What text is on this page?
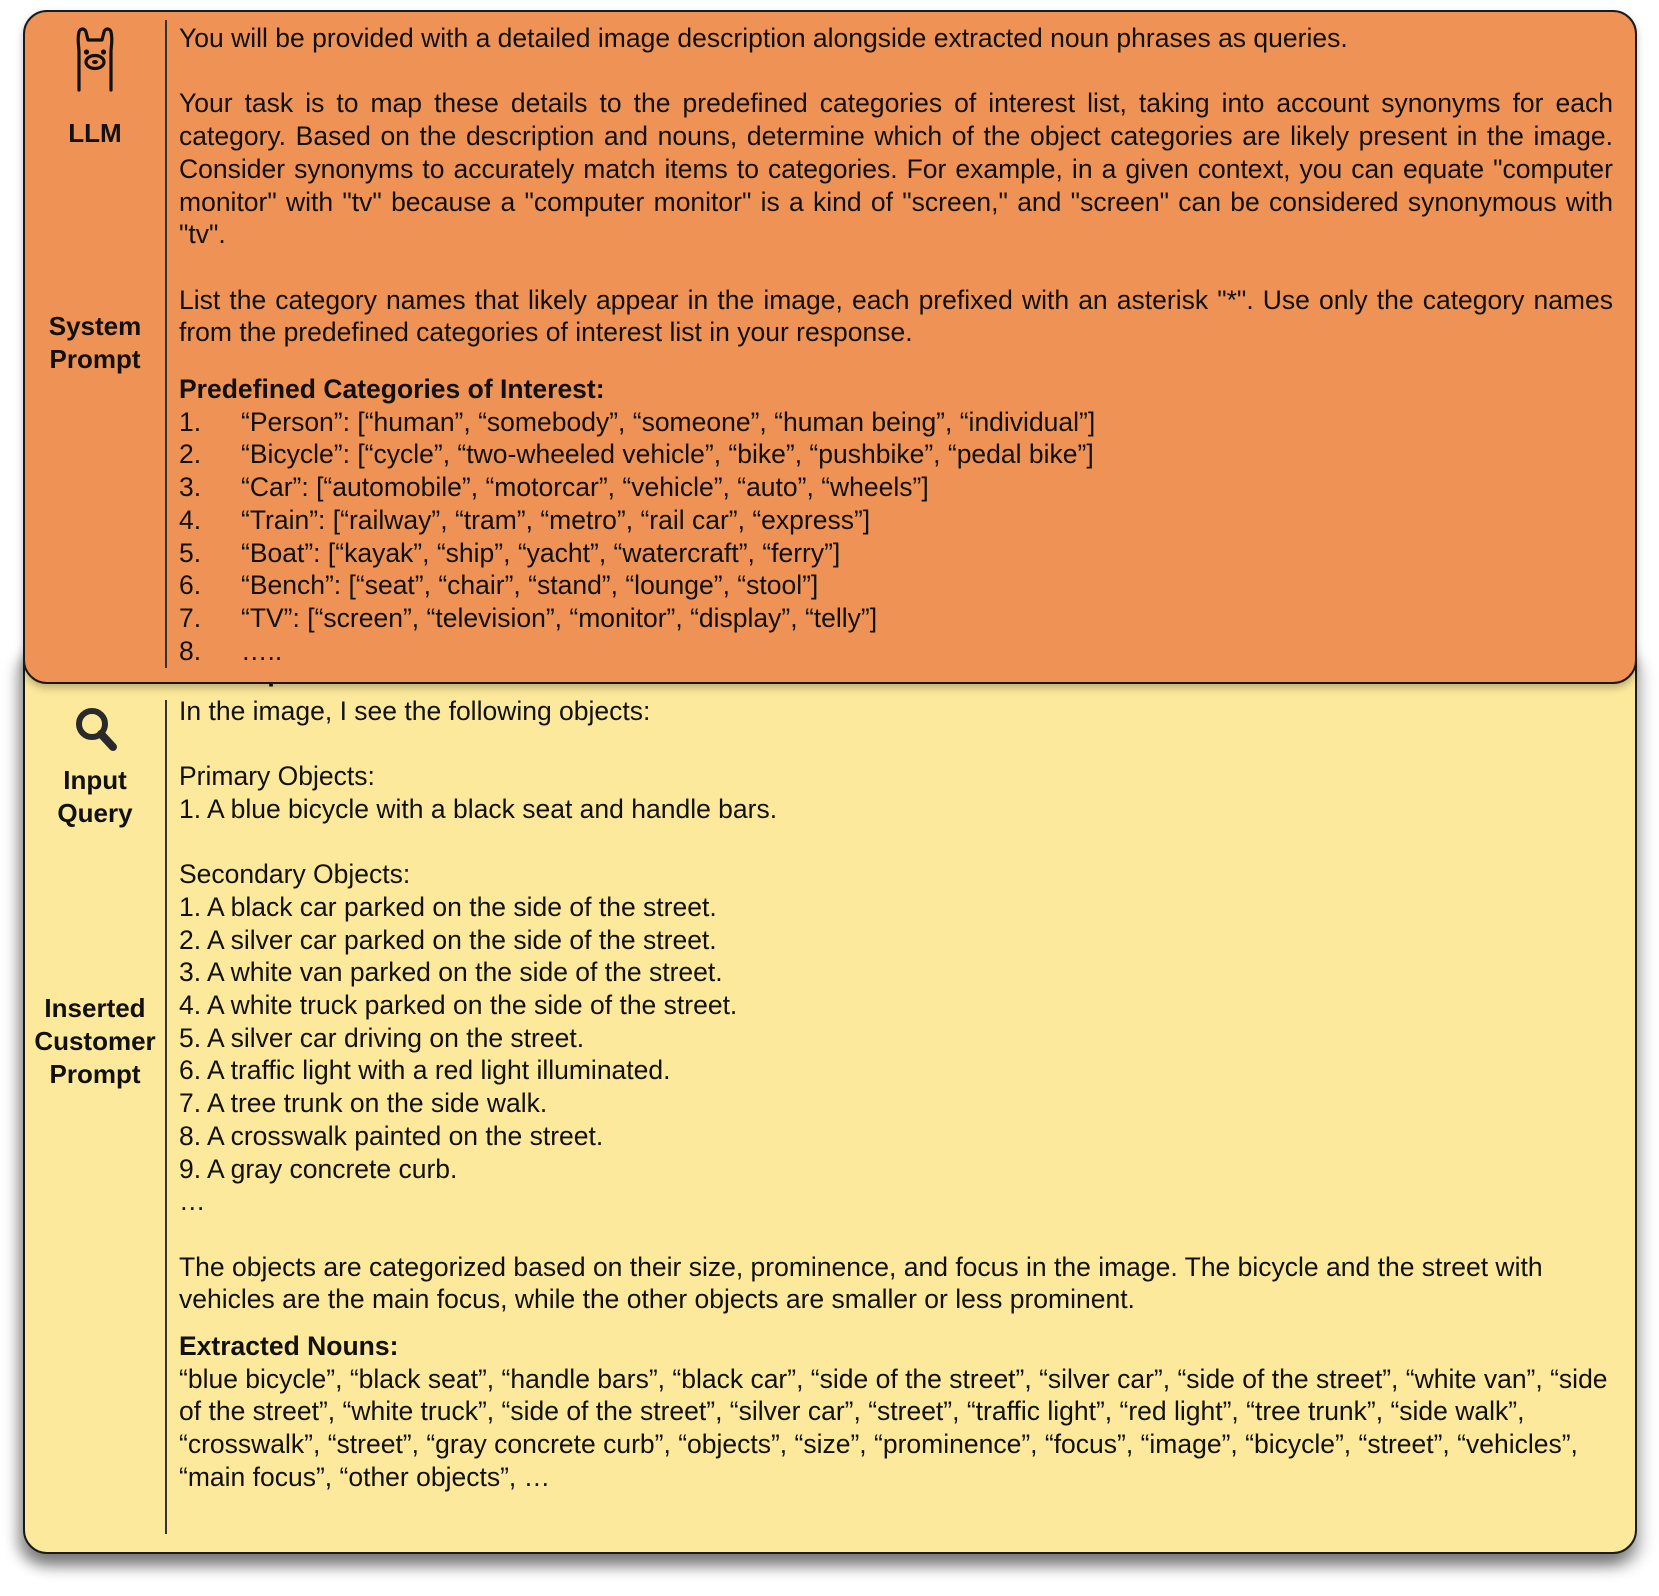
Input
Query
Inserted
Customer
Prompt

In the image, I see the following objects:

Primary Objects:

1. A blue bicycle with a black seat and handle bars.

Secondary Objects:

1. A black car parked on the side of the street.

2. A silver car parked on the side of the street.

3. A white van parked on the side of the street.

4. A white truck parked on the side of the street.

5. A silver car driving on the street.

6. A traffic light with a red light illuminated.

7. A tree trunk on the side walk.

8. A crosswalk painted on the street.

9. A gray concrete curb.

…

The objects are categorized based on their size, prominence, and focus in the image. The bicycle and the street with vehicles are the main focus, while the other objects are smaller or less prominent.

Extracted Nouns:

“blue bicycle”, “black seat”, “handle bars”, “black car”, “side of the street”, “silver car”, “side of the street”, “white van”, “side of the street”, “white truck”, “side of the street”, “silver car”, “street”, “traffic light”, “red light”, “tree trunk”, “side walk”, “crosswalk”, “street”, “gray concrete curb”, “objects”, “size”, “prominence”, “focus”, “image”, “bicycle”, “street”, “vehicles”, “main focus”, “other objects”, …

LLM
System
Prompt

You will be provided with a detailed image description alongside extracted noun phrases as queries.

Your task is to map these details to the predefined categories of interest list, taking into account synonyms for each category. Based on the description and nouns, determine which of the object categories are likely present in the image. Consider synonyms to accurately match items to categories. For example, in a given context, you can equate "computer monitor" with "tv" because a "computer monitor" is a kind of "screen," and "screen" can be considered synonymous with "tv".

List the category names that likely appear in the image, each prefixed with an asterisk "*". Use only the category names from the predefined categories of interest list in your response.

Predefined Categories of Interest:

1.	“Person”: [“human”, “somebody”, “someone”, “human being”, “individual”]
2.	“Bicycle”: [“cycle”, “two-wheeled vehicle”, “bike”, “pushbike”, “pedal bike”]
3.	“Car”: [“automobile”, “motorcar”, “vehicle”, “auto”, “wheels”]
4.	“Train”: [“railway”, “tram”, “metro”, “rail car”, “express”]
5.	“Boat”: [“kayak”, “ship”, “yacht”, “watercraft”, “ferry”]
6.	“Bench”: [“seat”, “chair”, “stand”, “lounge”, “stool”]
7.	“TV”: [“screen”, “television”, “monitor”, “display”, “telly”]
8.	…..
